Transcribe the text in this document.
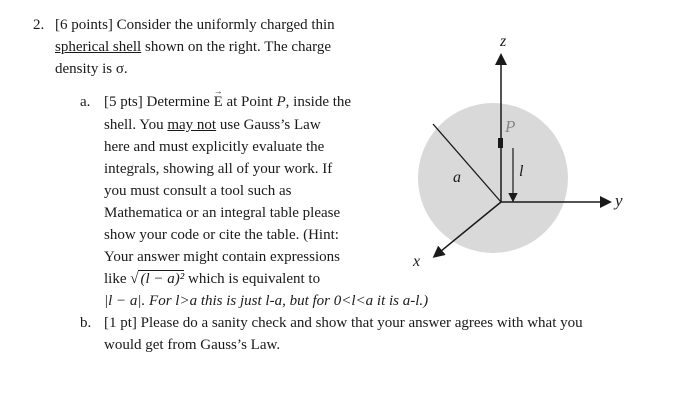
2. [6 points] Consider the uniformly charged thin
spherical shell shown on the right. The charge
density is σ.
a. [5 pts] Determine
→
E at Point P, inside the
shell. You may not use Gauss’s Law
here and must explicitly evaluate the
integrals, showing all of your work. If
you must consult a tool such as
Mathematica or an integral table please
show your code or cite the table. (Hint:
Your answer might contain expressions
like √ (l − a)² which is equivalent to
|l − a|. For l>a this is just l-a, but for 0<l<a it is a-l.)
b. [1 pt] Please do a sanity check and show that your answer agrees with what you
would get from Gauss’s Law.
z
y
x
P
a	l
